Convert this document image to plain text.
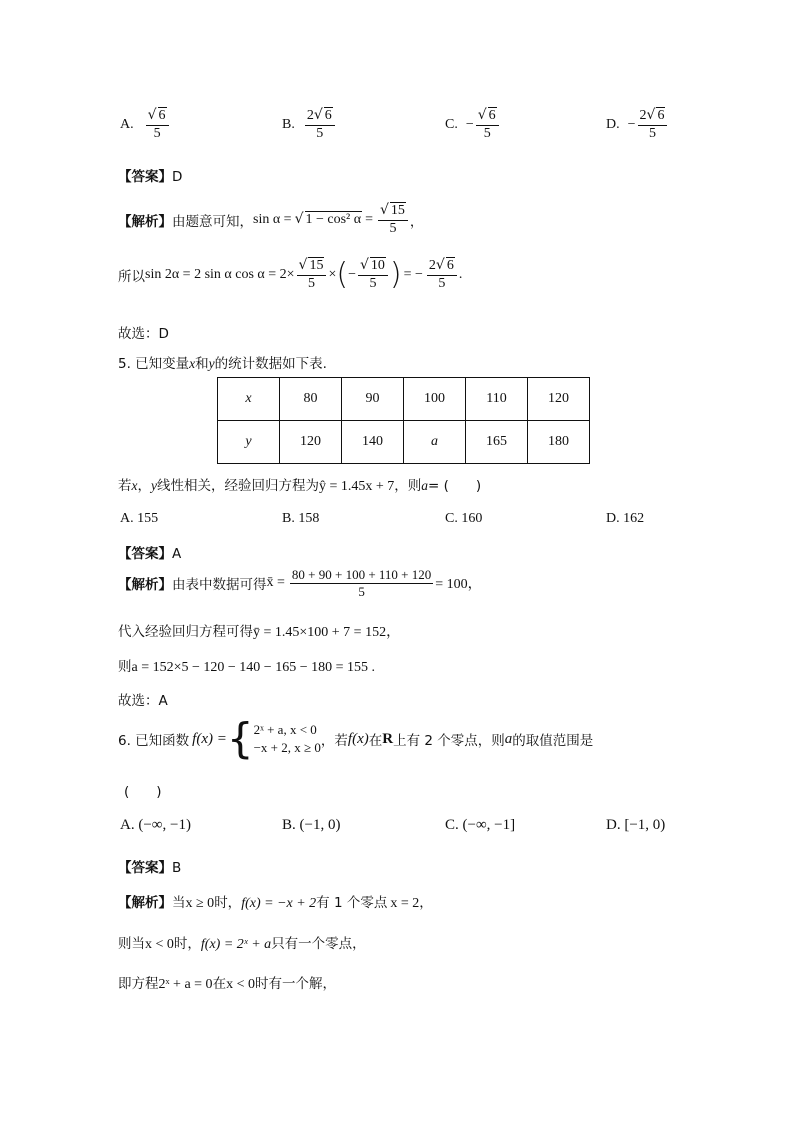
A. $\frac{√ 6}{5}$	B. $\frac{2√ 6}{5}$	C. − $\frac{√ 6}{5}$	D. − $\frac{2√ 6}{5}$
【答案】D
【解析】 由题意可知， sin α = √ 1 − cos² $\alpha = \frac{√ 15}{5}$ ，
所以 sin 2α = 2 sin α $\cos \alpha = 2\times \frac{√ 15}{5}$ × ( − $\frac{√ 10}{5}$ ) = − $\frac{2√ 6}{5}$ .
故选：D
5. 已知变量x和y的统计数据如下表.
x	80	90	100	110	120
y	120	140	a	165	180
若x，y线性相关，经验回归方程为ŷ = 1.45x + 7，则a= (　　)
A. 155	B. 158	C. 160	D. 162
【答案】A
【解析】 由表中数据可得 x̄ = $\frac{80 + 90 + 100 + 110 + 120}{5} = 100$，
代入经验回归方程可得ȳ = 1.45×100 + 7 = 152，
则a = 152×5 − 120 − 140 − 165 − 180 = 155 .
故选：A
6. 已知函数 f(x) = { 2ˣ + a, x < 0
−x + 2, x ≥ 0 ，若 f(x) 在 R 上有 2 个零点，则 a 的取值范围是
(　　)
A. (−∞, −1)	B. (−1, 0)	C. (−∞, −1]	D. [−1, 0)
【答案】B
【解析】当x ≥ 0时，f(x) = −x + 2有 1 个零点 x = 2，
则当x < 0时，f(x) = 2ˣ + a只有一个零点，
即方程2ˣ + a = 0在x < 0时有一个解，
